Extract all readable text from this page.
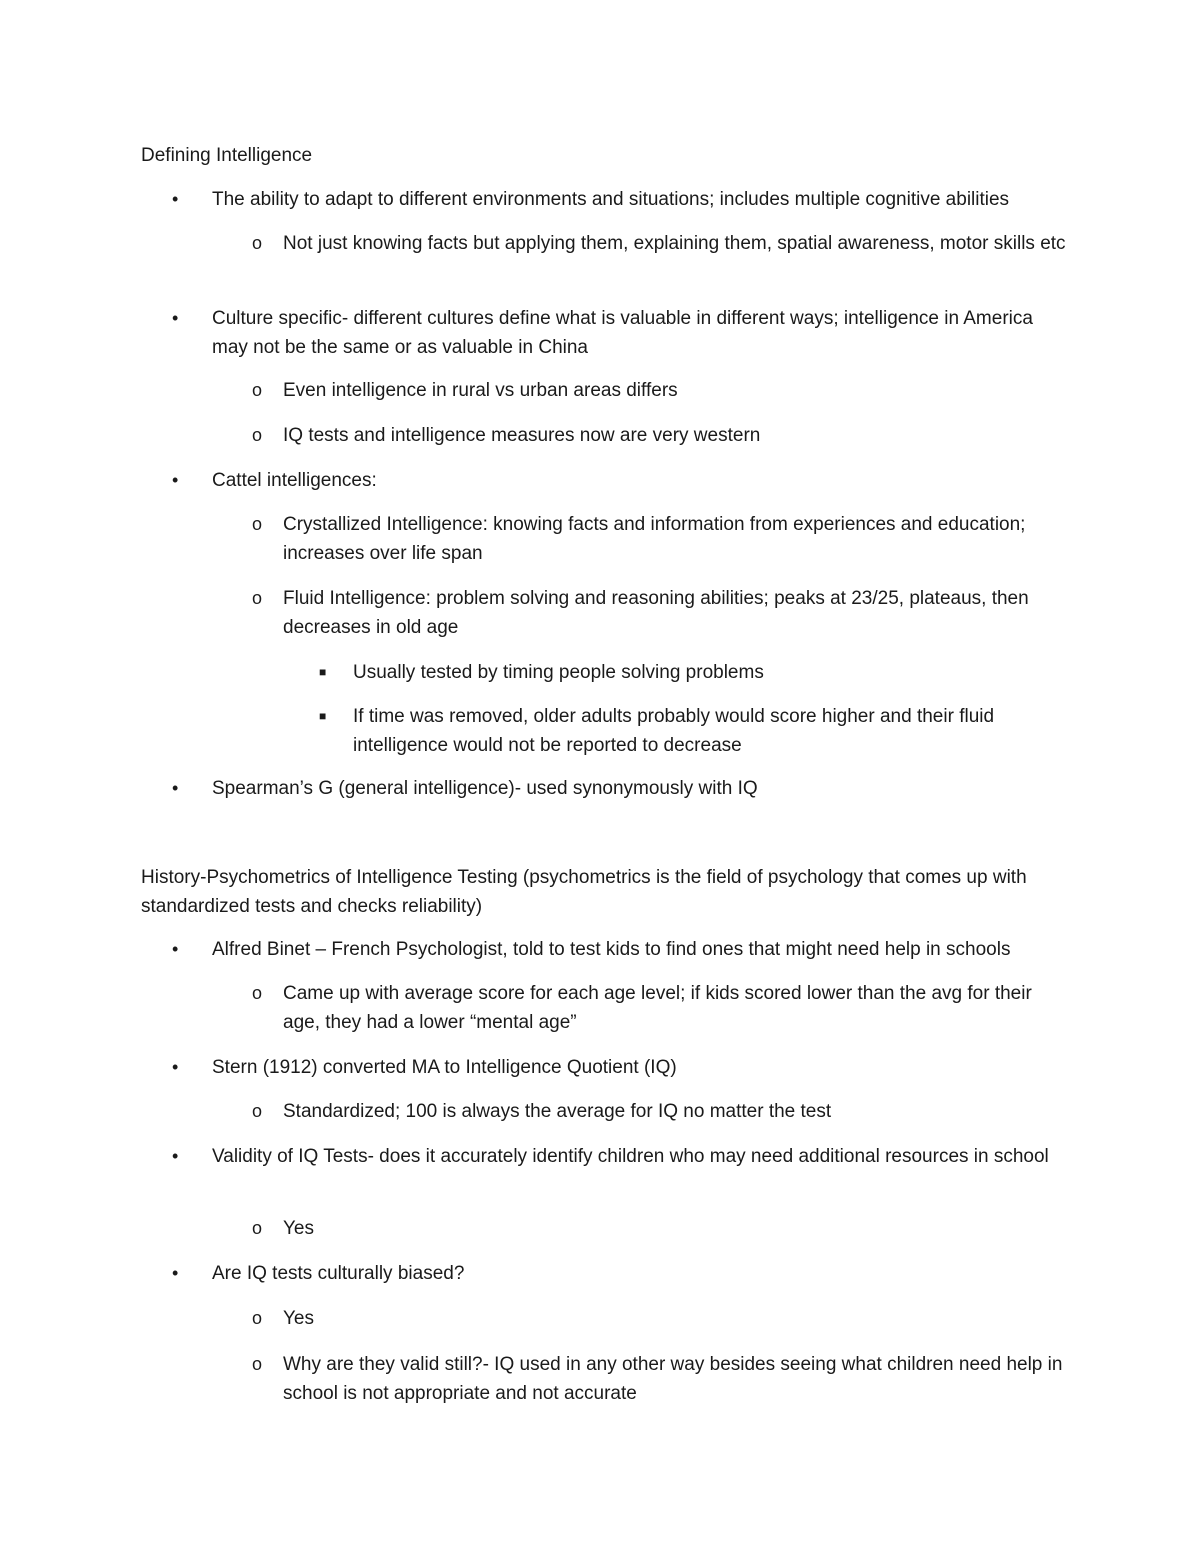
Defining Intelligence
• The ability to adapt to different environments and situations; includes multiple cognitive abilities
o Not just knowing facts but applying them, explaining them, spatial awareness, motor skills etc
• Culture specific- different cultures define what is valuable in different ways; intelligence in America may not be the same or as valuable in China
o Even intelligence in rural vs urban areas differs
o IQ tests and intelligence measures now are very western
• Cattel intelligences:
o Crystallized Intelligence: knowing facts and information from experiences and education; increases over life span
o Fluid Intelligence: problem solving and reasoning abilities; peaks at 23/25, plateaus, then decreases in old age
■ Usually tested by timing people solving problems
■ If time was removed, older adults probably would score higher and their fluid intelligence would not be reported to decrease
• Spearman’s G (general intelligence)- used synonymously with IQ
History-Psychometrics of Intelligence Testing (psychometrics is the field of psychology that comes up with standardized tests and checks reliability)
• Alfred Binet – French Psychologist, told to test kids to find ones that might need help in schools
o Came up with average score for each age level; if kids scored lower than the avg for their age, they had a lower “mental age”
• Stern (1912) converted MA to Intelligence Quotient (IQ)
o Standardized; 100 is always the average for IQ no matter the test
• Validity of IQ Tests- does it accurately identify children who may need additional resources in school
o Yes
• Are IQ tests culturally biased?
o Yes
o Why are they valid still?- IQ used in any other way besides seeing what children need help in school is not appropriate and not accurate
